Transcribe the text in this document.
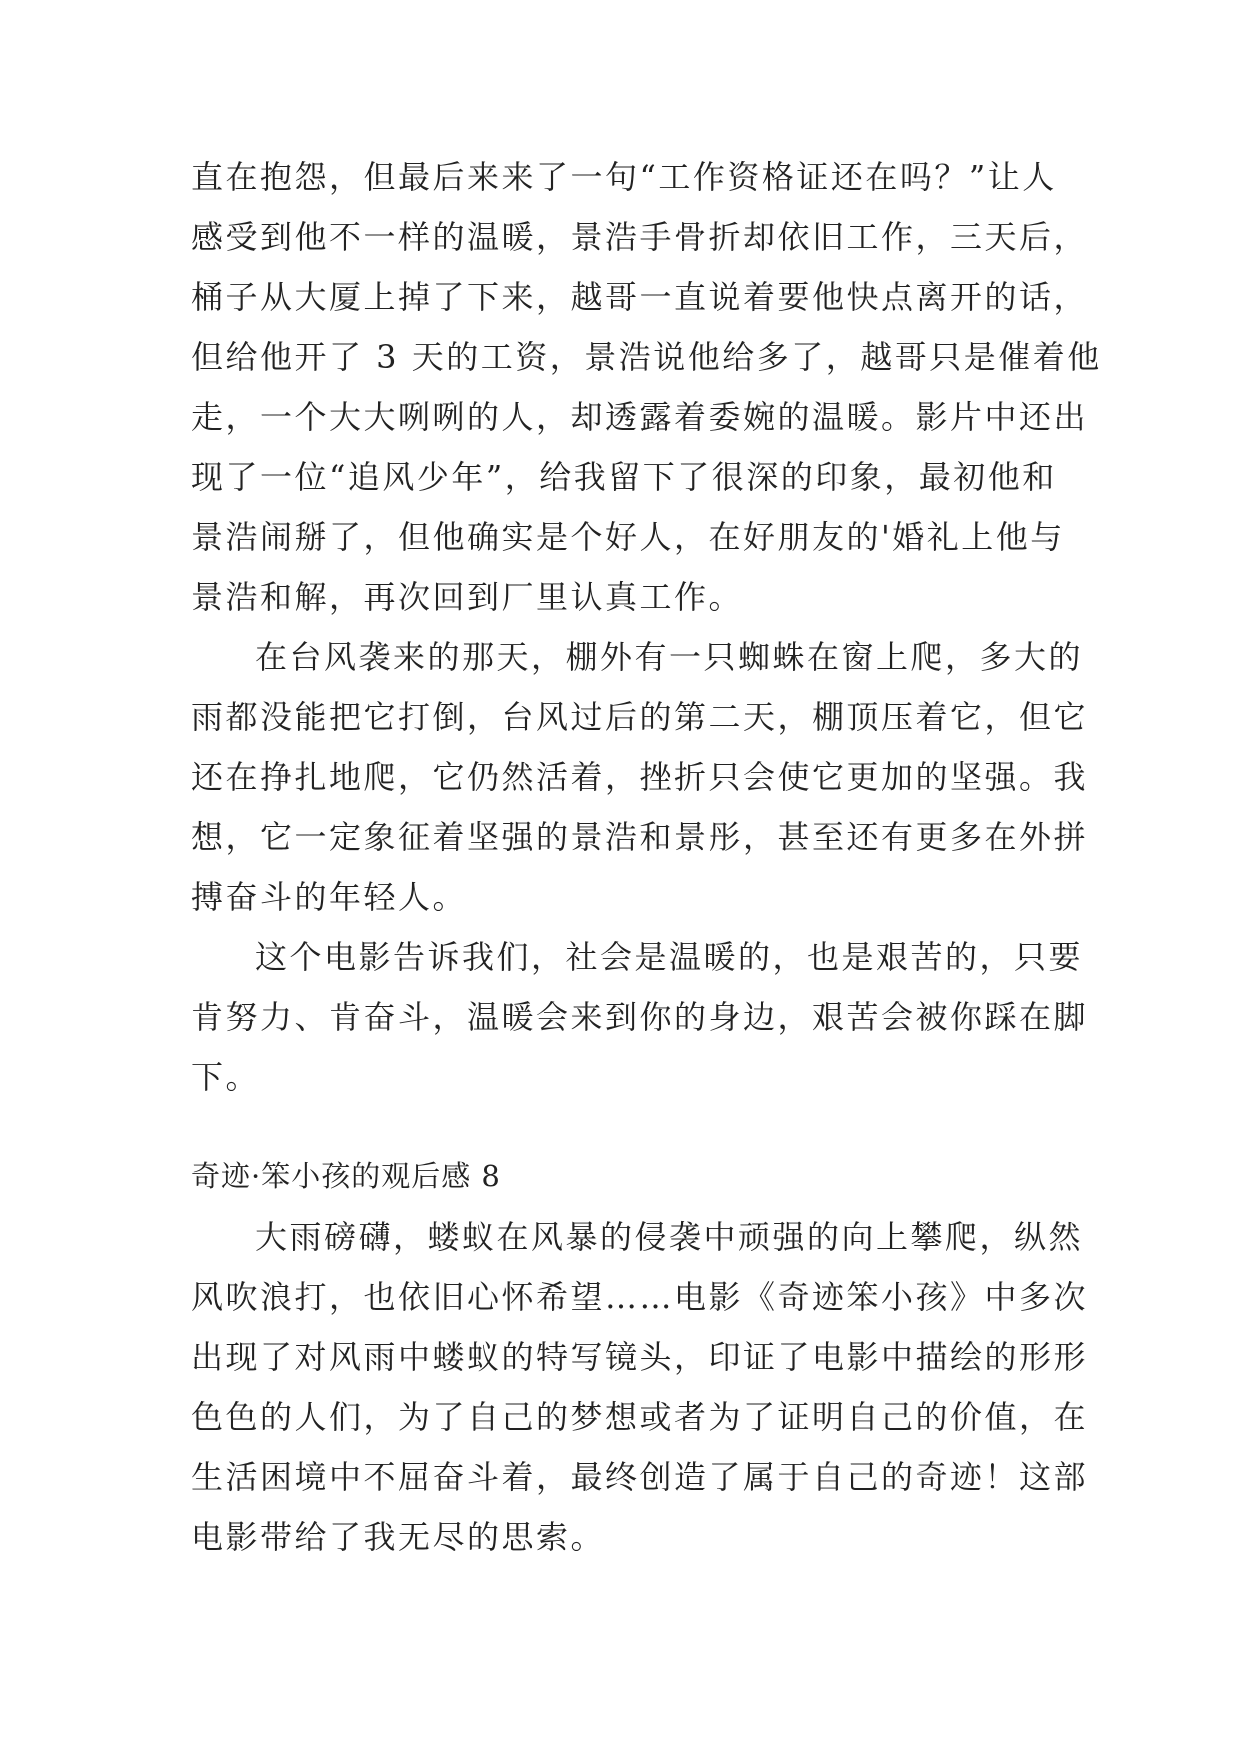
直在抱怨，但最后来来了一句“工作资格证还在吗？”让人
感受到他不一样的温暖，景浩手骨折却依旧工作，三天后，
桶子从大厦上掉了下来，越哥一直说着要他快点离开的话，
但给他开了 3 天的工资，景浩说他给多了，越哥只是催着他
走，一个大大咧咧的人，却透露着委婉的温暖。影片中还出
现了一位“追风少年”，给我留下了很深的印象，最初他和
景浩闹掰了，但他确实是个好人，在好朋友的'婚礼上他与
景浩和解，再次回到厂里认真工作。
在台风袭来的那天，棚外有一只蜘蛛在窗上爬，多大的
雨都没能把它打倒，台风过后的第二天，棚顶压着它，但它
还在挣扎地爬，它仍然活着，挫折只会使它更加的坚强。我
想，它一定象征着坚强的景浩和景彤，甚至还有更多在外拼
搏奋斗的年轻人。
这个电影告诉我们，社会是温暖的，也是艰苦的，只要
肯努力、肯奋斗，温暖会来到你的身边，艰苦会被你踩在脚
下。
奇迹·笨小孩的观后感 8
大雨磅礴，蝼蚁在风暴的侵袭中顽强的向上攀爬，纵然
风吹浪打，也依旧心怀希望……电影《奇迹笨小孩》中多次
出现了对风雨中蝼蚁的特写镜头，印证了电影中描绘的形形
色色的人们，为了自己的梦想或者为了证明自己的价值，在
生活困境中不屈奋斗着，最终创造了属于自己的奇迹！这部
电影带给了我无尽的思索。
